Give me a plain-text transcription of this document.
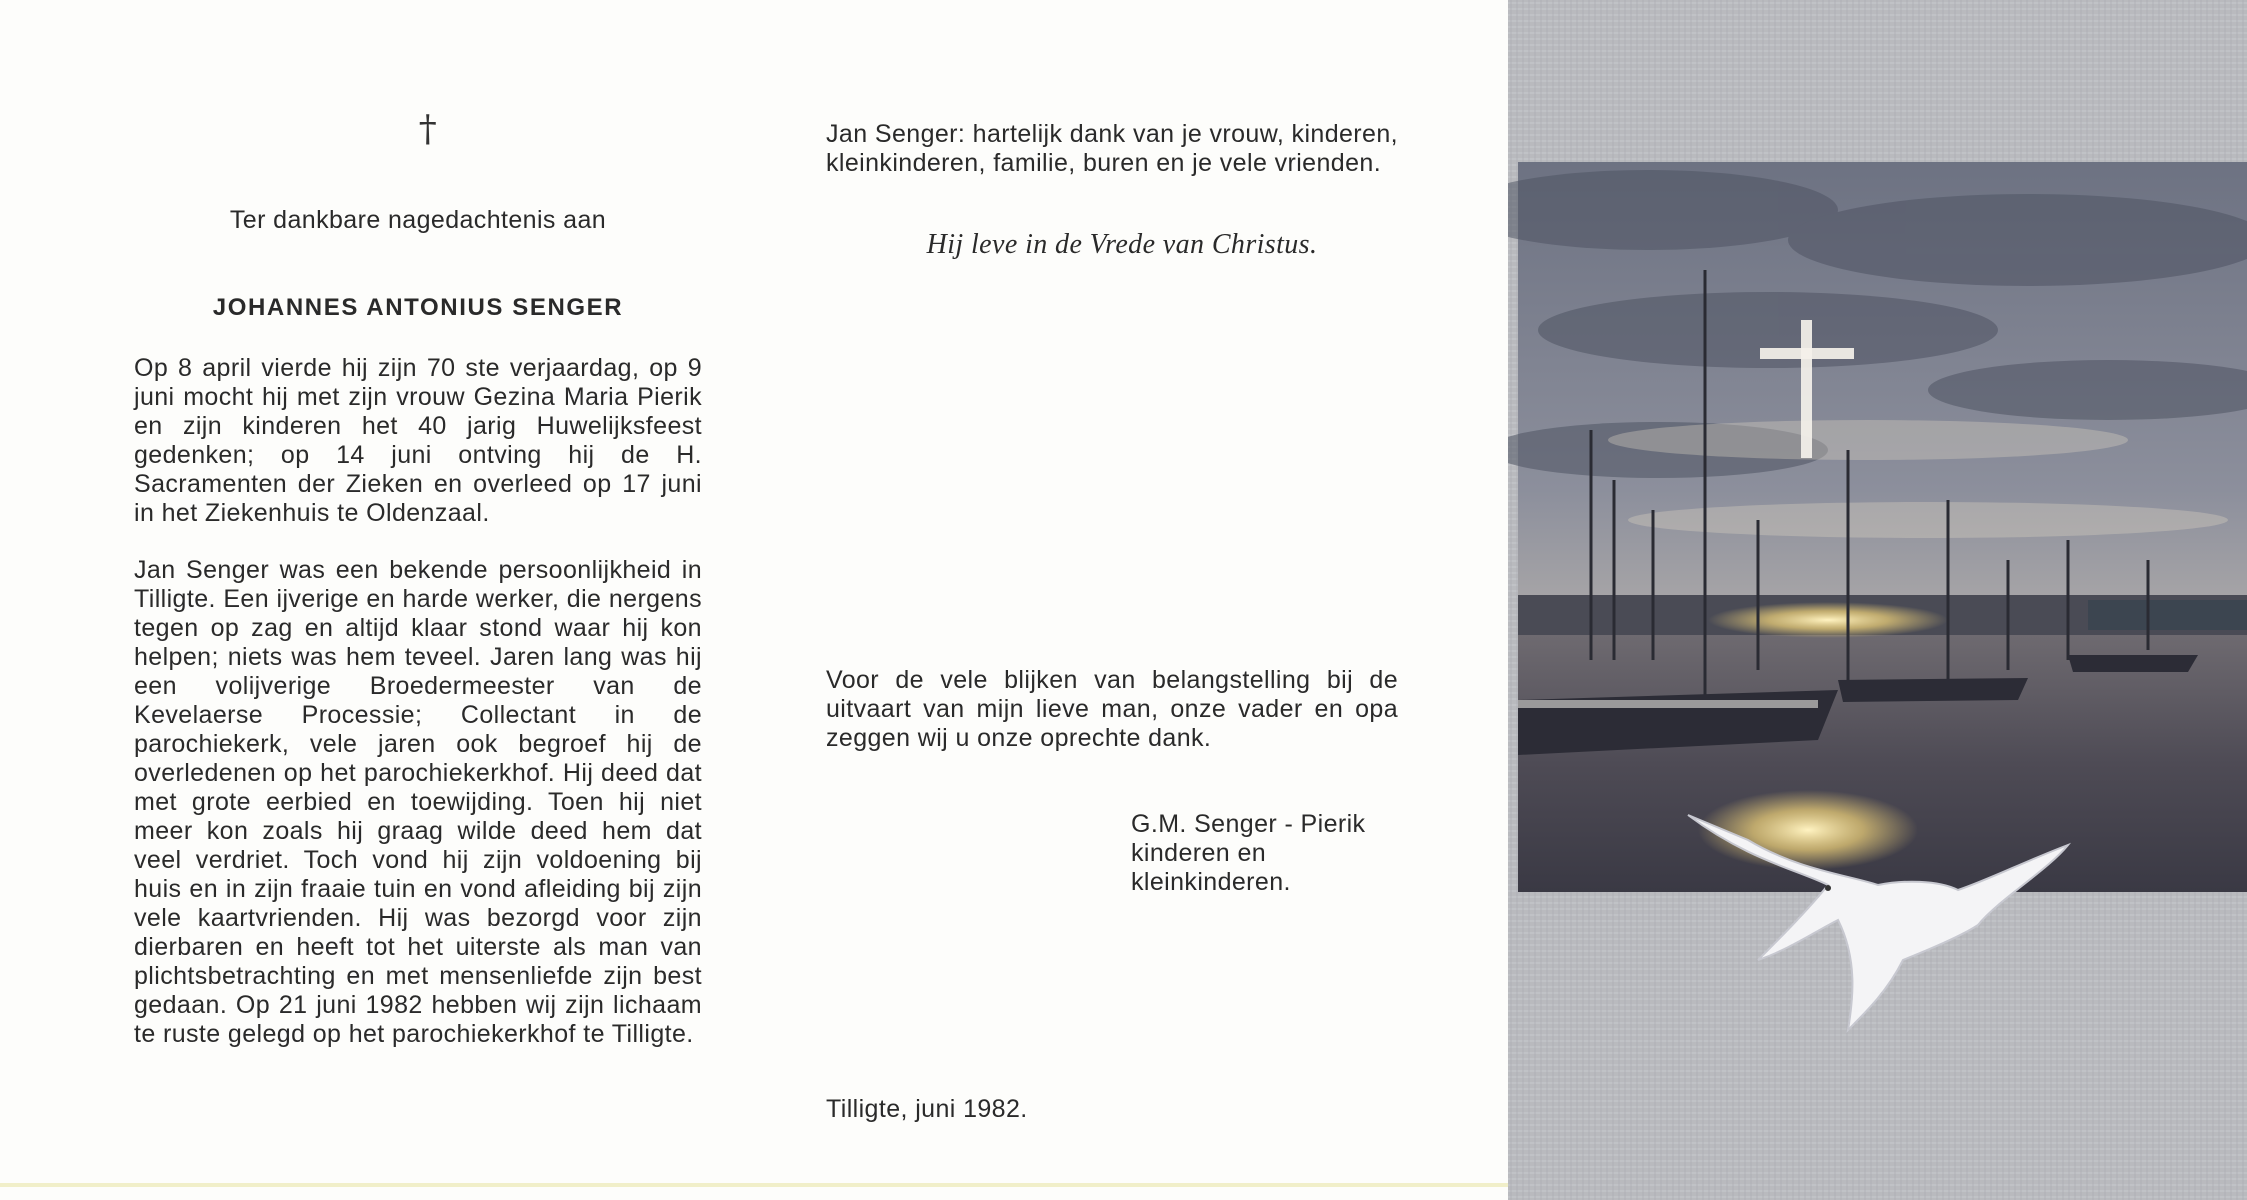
†
Ter dankbare nagedachtenis aan
JOHANNES ANTONIUS SENGER

Op 8 april vierde hij zijn 70 ste verjaardag, op 9 juni mocht hij met zijn vrouw Gezina Maria Pierik en zijn kinderen het 40 jarig Huwelijksfeest gedenken; op 14 juni ontving hij de H. Sacramenten der Zieken en overleed op 17 juni in het Ziekenhuis te Oldenzaal.

Jan Senger was een bekende persoonlijkheid in Tilligte. Een ijverige en harde werker, die nergens tegen op zag en altijd klaar stond waar hij kon helpen; niets was hem teveel. Jaren lang was hij een volijverige Broedermeester van de Kevelaerse Processie; Collectant in de parochiekerk, vele jaren ook begroef hij de overledenen op het parochiekerkhof. Hij deed dat met grote eerbied en toewijding. Toen hij niet meer kon zoals hij graag wilde deed hem dat veel verdriet. Toch vond hij zijn voldoening bij huis en in zijn fraaie tuin en vond afleiding bij zijn vele kaartvrienden. Hij was bezorgd voor zijn dierbaren en heeft tot het uiterste als man van plichtsbetrachting en met mensenliefde zijn best gedaan. Op 21 juni 1982 hebben wij zijn lichaam te ruste gelegd op het parochiekerkhof te Tilligte.

Jan Senger: hartelijk dank van je vrouw, kinderen, kleinkinderen, familie, buren en je vele vrienden.

Hij leve in de Vrede van Christus.

Voor de vele blijken van belangstelling bij de uitvaart van mijn lieve man, onze vader en opa zeggen wij u onze oprechte dank.

G.M. Senger - Pierik
kinderen en
kleinkinderen.
Tilligte, juni 1982.
